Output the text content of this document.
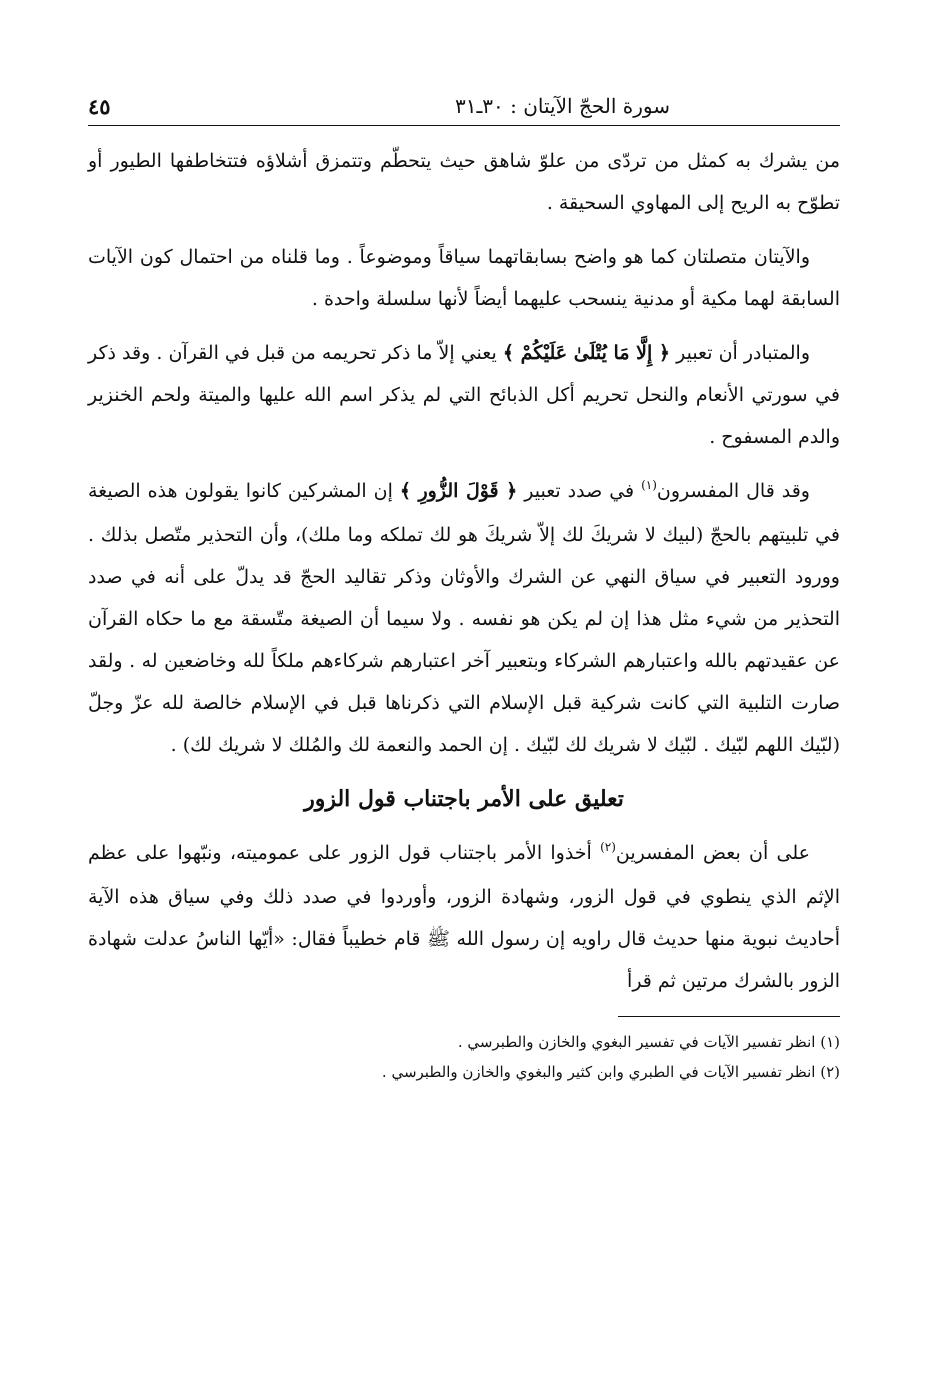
سورة الحجّ الآيتان : ٣٠ـ٣١
٤٥

من يشرك به كمثل من تردّى من علوّ شاهق حيث يتحطّم وتتمزق أشلاؤه فتتخاطفها الطيور أو تطوّح به الريح إلى المهاوي السحيقة .

والآيتان متصلتان كما هو واضح بسابقاتهما سياقاً وموضوعاً . وما قلناه من احتمال كون الآيات السابقة لهما مكية أو مدنية ينسحب عليهما أيضاً لأنها سلسلة واحدة .

والمتبادر أن تعبير ﴿ إِلَّا مَا يُتْلَىٰ عَلَيْكُمْ ﴾ يعني إلاّ ما ذكر تحريمه من قبل في القرآن . وقد ذكر في سورتي الأنعام والنحل تحريم أكل الذبائح التي لم يذكر اسم الله عليها والميتة ولحم الخنزير والدم المسفوح .

وقد قال المفسرون$^{(١)}$ في صدد تعبير ﴿ قَوْلَ الزُّورِ ﴾ إن المشركين كانوا يقولون هذه الصيغة في تلبيتهم بالحجّ (لبيك لا شريكَ لك إلاّ شريكَ هو لك تملكه وما ملك)، وأن التحذير متّصل بذلك . وورود التعبير في سياق النهي عن الشرك والأوثان وذكر تقاليد الحجّ قد يدلّ على أنه في صدد التحذير من شيء مثل هذا إن لم يكن هو نفسه . ولا سيما أن الصيغة متّسقة مع ما حكاه القرآن عن عقيدتهم بالله واعتبارهم الشركاء وبتعبير آخر اعتبارهم شركاءهم ملكاً لله وخاضعين له . ولقد صارت التلبية التي كانت شركية قبل الإسلام التي ذكرناها قبل في الإسلام خالصة لله عزّ وجلّ (لبّيك اللهم لبّيك . لبّيك لا شريك لك لبّيك . إن الحمد والنعمة لك والمُلك لا شريك لك) .

تعليق على الأمر باجتناب قول الزور

على أن بعض المفسرين$^{(٢)}$ أخذوا الأمر باجتناب قول الزور على عموميته، ونبّهوا على عظم الإثم الذي ينطوي في قول الزور، وشهادة الزور، وأوردوا في صدد ذلك وفي سياق هذه الآية أحاديث نبوية منها حديث قال راويه إن رسول الله ﷺ قام خطيباً فقال: «أيّها الناسُ عدلت شهادة الزور بالشرك مرتين ثم قرأ

(١) انظر تفسير الآيات في تفسير البغوي والخازن والطبرسي .
(٢) انظر تفسير الآيات في الطبري وابن كثير والبغوي والخازن والطبرسي .
